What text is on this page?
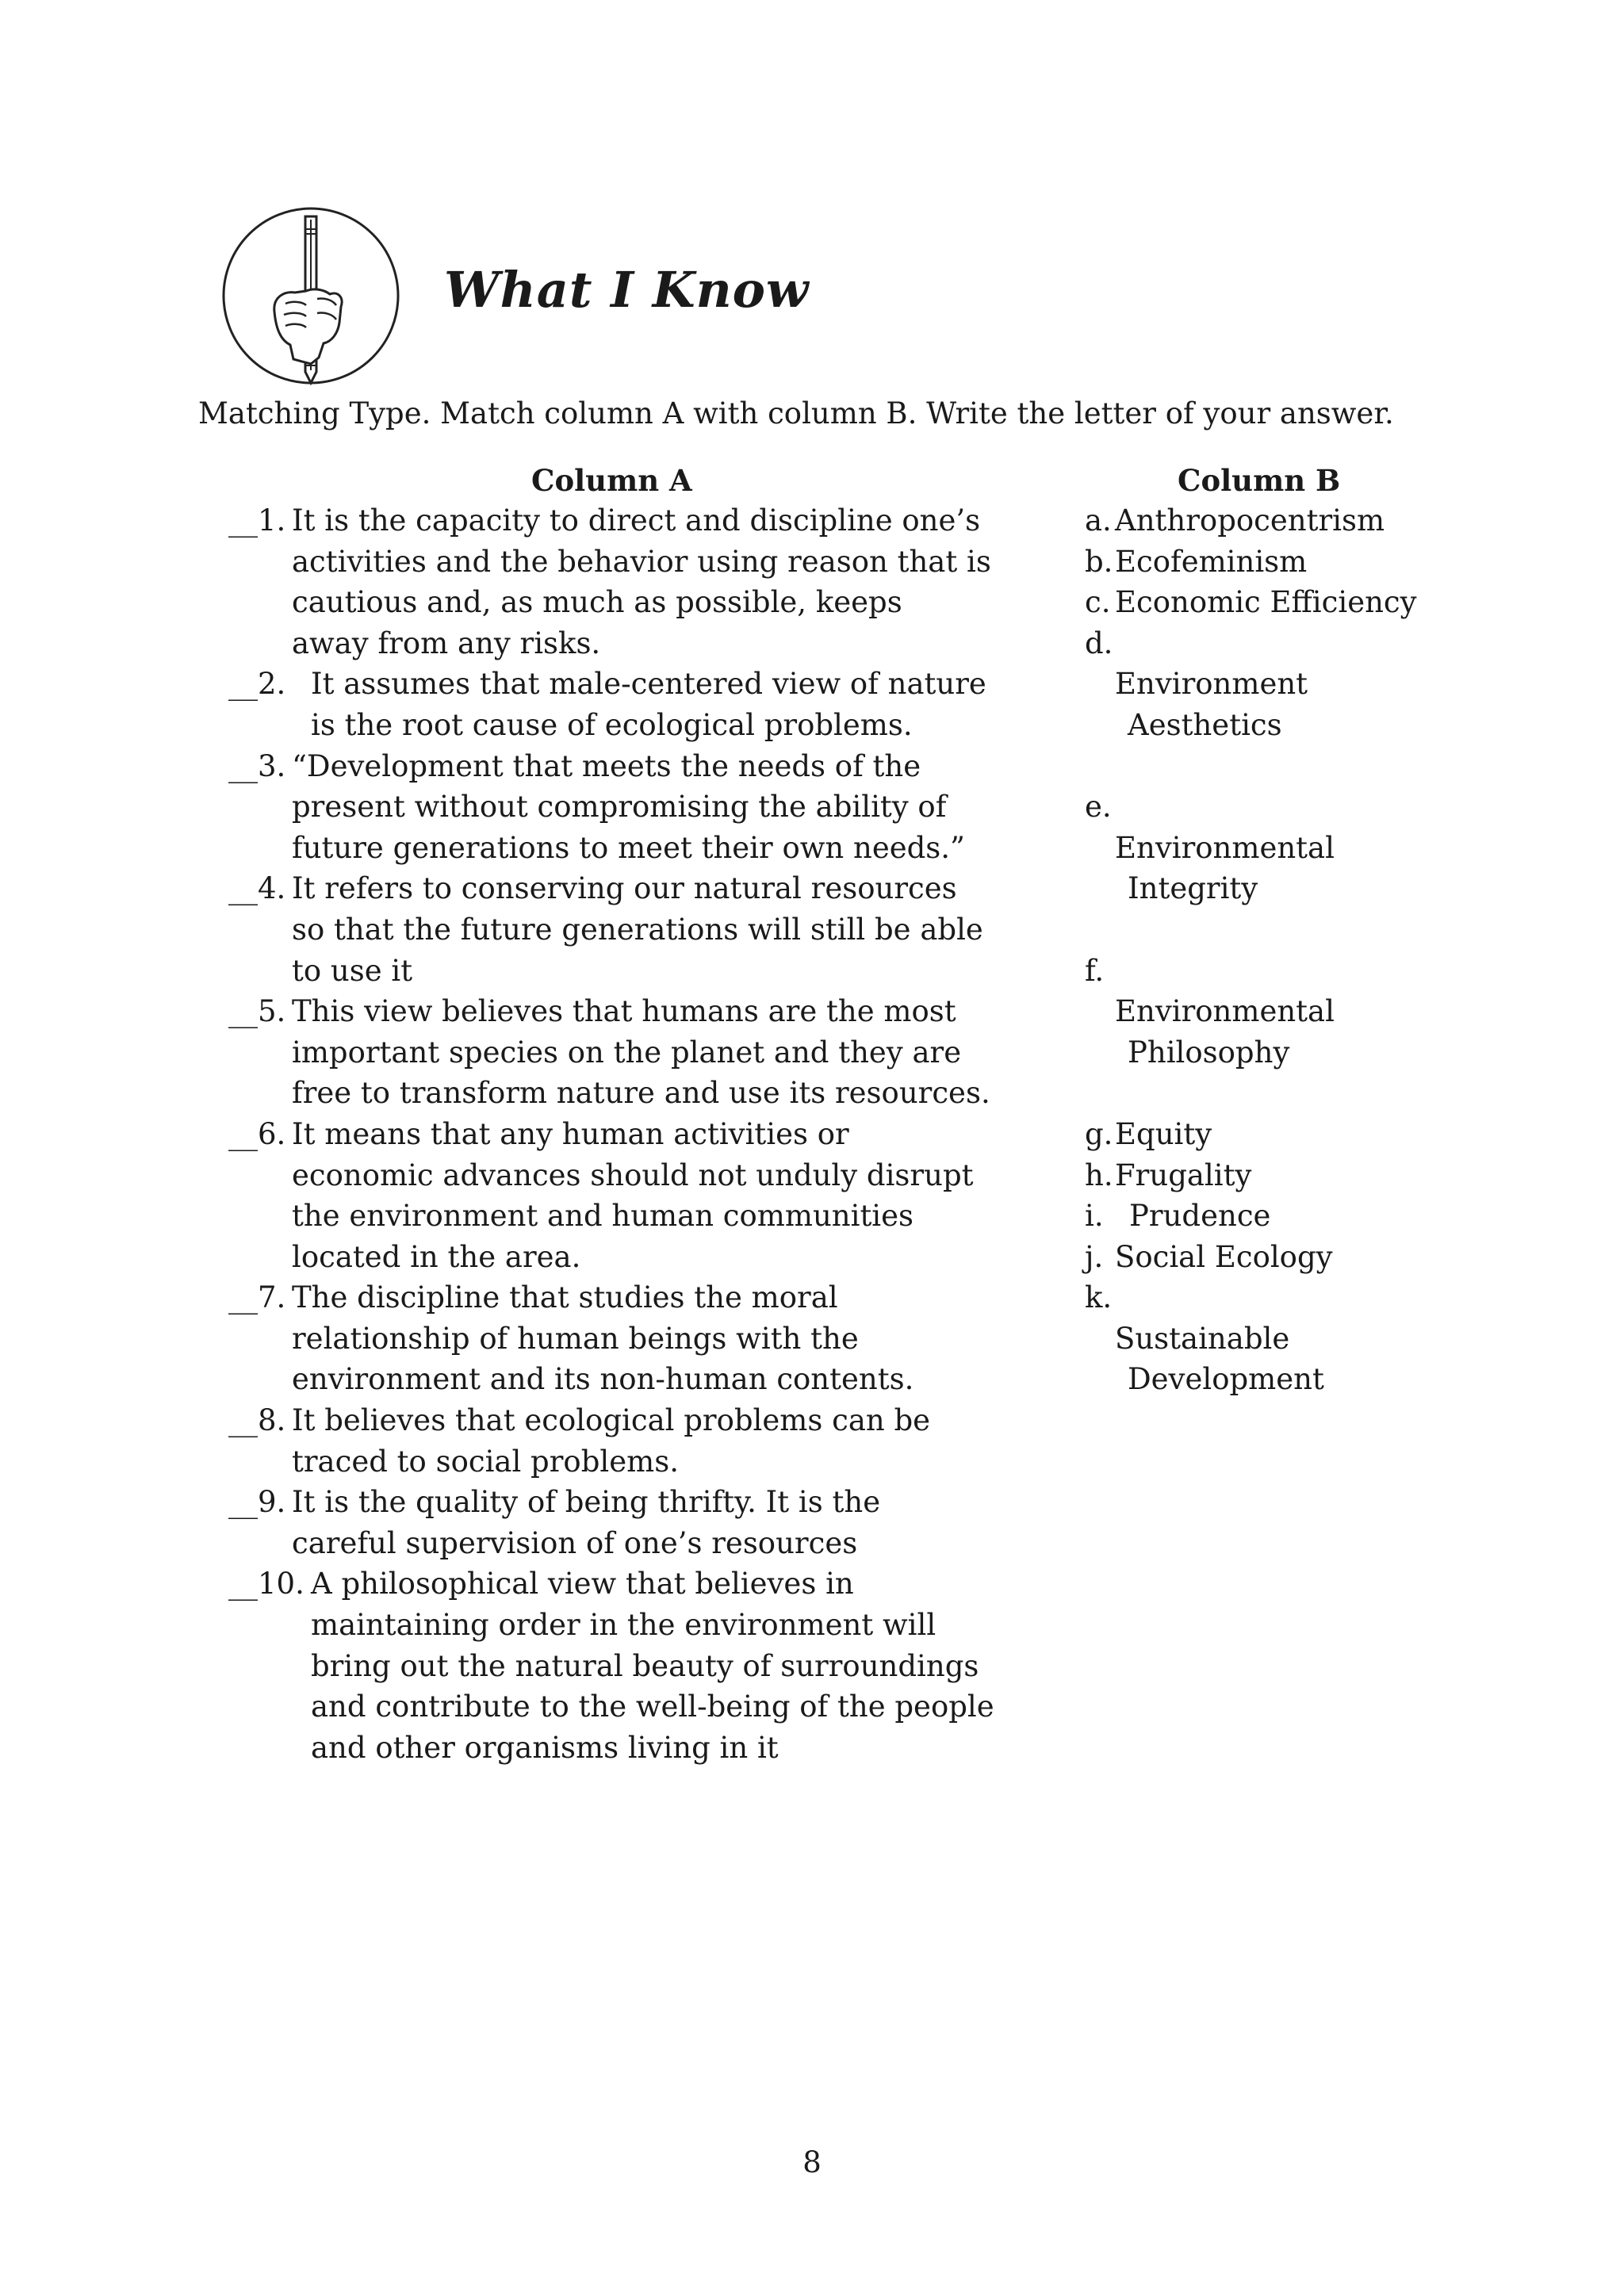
What I Know

Matching Type. Match column A with column B. Write the letter of your answer.

Column A	Column B
__1.
It is the capacity to direct and discipline one’s
activities and the behavior using reason that is
cautious and, as much as possible, keeps
away from any risks.
__2. It assumes that male-centered view of nature
is the root cause of ecological problems.
__3.
“Development that meets the needs of the
present without compromising the ability of
future generations to meet their own needs.”
__4.
It refers to conserving our natural resources
so that the future generations will still be able
to use it
__5.
This view believes that humans are the most
important species on the planet and they are
free to transform nature and use its resources.
__6.
It means that any human activities or
economic advances should not unduly disrupt
the environment and human communities
located in the area.
__7.
The discipline that studies the moral
relationship of human beings with the
environment and its non-human contents.
__8.
It believes that ecological problems can be
traced to social problems.
__9.
It is the quality of being thrifty. It is the
careful supervision of one’s resources
__10.
A philosophical view that believes in
maintaining order in the environment will
bring out the natural beauty of surroundings
and contribute to the well-being of the people
and other organisms living in it
a. Anthropocentrism
b. Ecofeminism
c. Economic Efficiency
d.

Environment

Aesthetics

e.

Environmental

Integrity

f.

Environmental

Philosophy

g. Equity
h. Frugality
i. Prudence
j. Social Ecology
k.

Sustainable

Development

8
